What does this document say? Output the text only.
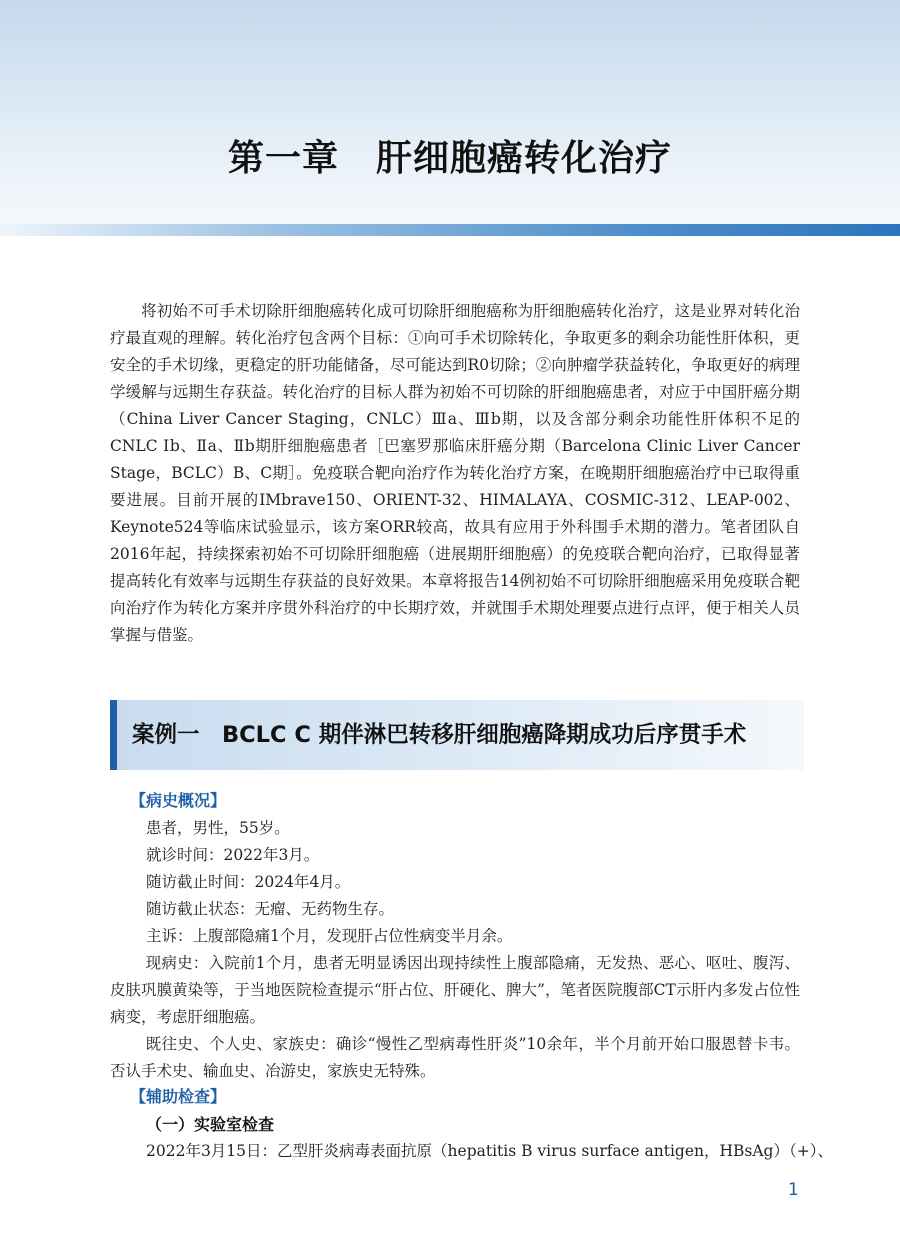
第一章　肝细胞癌转化治疗

将初始不可手术切除肝细胞癌转化成可切除肝细胞癌称为肝细胞癌转化治疗，这是业界对转化治疗最直观的理解。转化治疗包含两个目标：①向可手术切除转化，争取更多的剩余功能性肝体积，更安全的手术切缘，更稳定的肝功能储备，尽可能达到R0切除；②向肿瘤学获益转化，争取更好的病理学缓解与远期生存获益。转化治疗的目标人群为初始不可切除的肝细胞癌患者，对应于中国肝癌分期（China Liver Cancer Staging，CNLC）Ⅲa、Ⅲb期，以及含部分剩余功能性肝体积不足的CNLC Ⅰb、Ⅱa、Ⅱb期肝细胞癌患者［巴塞罗那临床肝癌分期（Barcelona Clinic Liver Cancer Stage，BCLC）B、C期］。免疫联合靶向治疗作为转化治疗方案，在晚期肝细胞癌治疗中已取得重要进展。目前开展的IMbrave150、ORIENT-32、HIMALAYA、COSMIC-312、LEAP-002、Keynote524等临床试验显示，该方案ORR较高，故具有应用于外科围手术期的潜力。笔者团队自2016年起，持续探索初始不可切除肝细胞癌（进展期肝细胞癌）的免疫联合靶向治疗，已取得显著提高转化有效率与远期生存获益的良好效果。本章将报告14例初始不可切除肝细胞癌采用免疫联合靶向治疗作为转化方案并序贯外科治疗的中长期疗效，并就围手术期处理要点进行点评，便于相关人员掌握与借鉴。

案例一　BCLC C 期伴淋巴转移肝细胞癌降期成功后序贯手术
【病史概况】
患者，男性，55岁。
就诊时间：2022年3月。
随访截止时间：2024年4月。
随访截止状态：无瘤、无药物生存。
主诉：上腹部隐痛1个月，发现肝占位性病变半月余。

现病史：入院前1个月，患者无明显诱因出现持续性上腹部隐痛，无发热、恶心、呕吐、腹泻、皮肤巩膜黄染等，于当地医院检查提示“肝占位、肝硬化、脾大”，笔者医院腹部CT示肝内多发占位性病变，考虑肝细胞癌。

既往史、个人史、家族史：确诊“慢性乙型病毒性肝炎”10余年，半个月前开始口服恩替卡韦。否认手术史、输血史、冶游史，家族史无特殊。

【辅助检查】
（一）实验室检查
2022年3月15日：乙型肝炎病毒表面抗原（hepatitis B virus surface antigen，HBsAg）（+）、
1
